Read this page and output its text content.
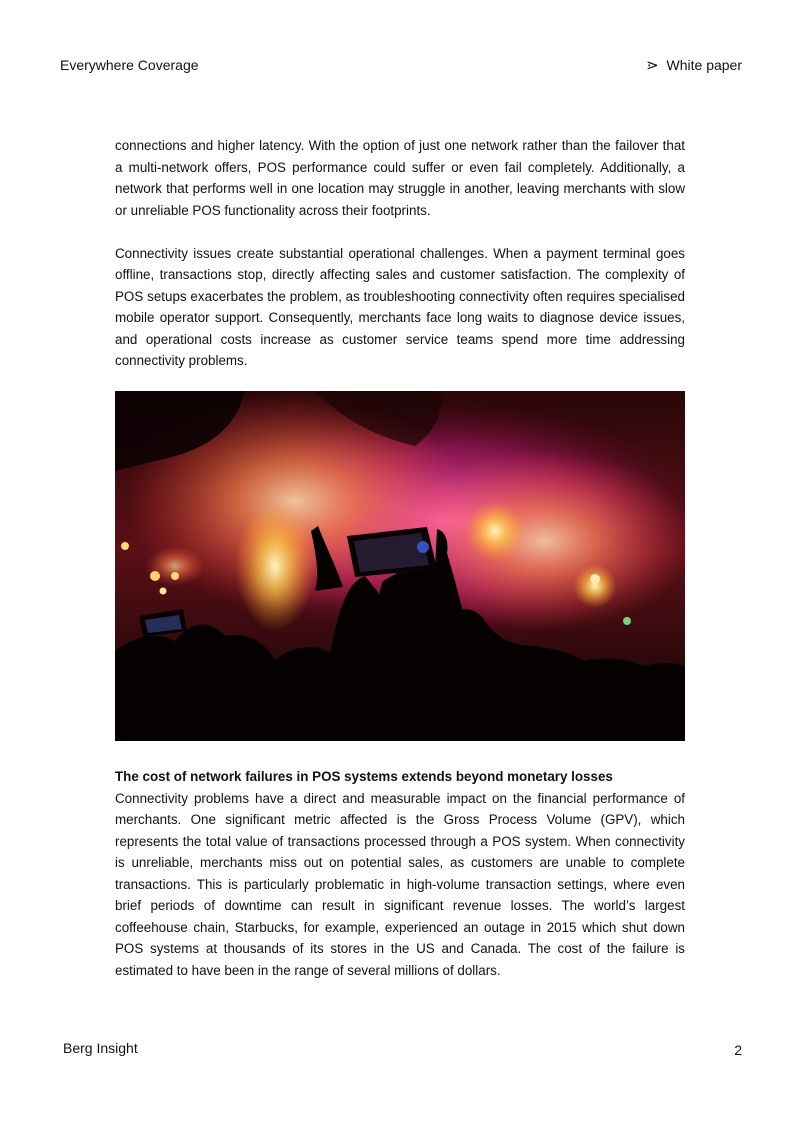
Everywhere Coverage	⋗ White paper

connections and higher latency. With the option of just one network rather than the failover that a multi-network offers, POS performance could suffer or even fail completely. Additionally, a network that performs well in one location may struggle in another, leaving merchants with slow or unreliable POS functionality across their footprints.

Connectivity issues create substantial operational challenges. When a payment terminal goes offline, transactions stop, directly affecting sales and customer satisfaction. The complexity of POS setups exacerbates the problem, as troubleshooting connectivity often requires specialised mobile operator support. Consequently, merchants face long waits to diagnose device issues, and operational costs increase as customer service teams spend more time addressing connectivity problems.

The cost of network failures in POS systems extends beyond monetary losses

Connectivity problems have a direct and measurable impact on the financial performance of merchants. One significant metric affected is the Gross Process Volume (GPV), which represents the total value of transactions processed through a POS system. When connectivity is unreliable, merchants miss out on potential sales, as customers are unable to complete transactions. This is particularly problematic in high-volume transaction settings, where even brief periods of downtime can result in significant revenue losses. The world’s largest coffeehouse chain, Starbucks, for example, experienced an outage in 2015 which shut down POS systems at thousands of its stores in the US and Canada. The cost of the failure is estimated to have been in the range of several millions of dollars.

Berg Insight	2
